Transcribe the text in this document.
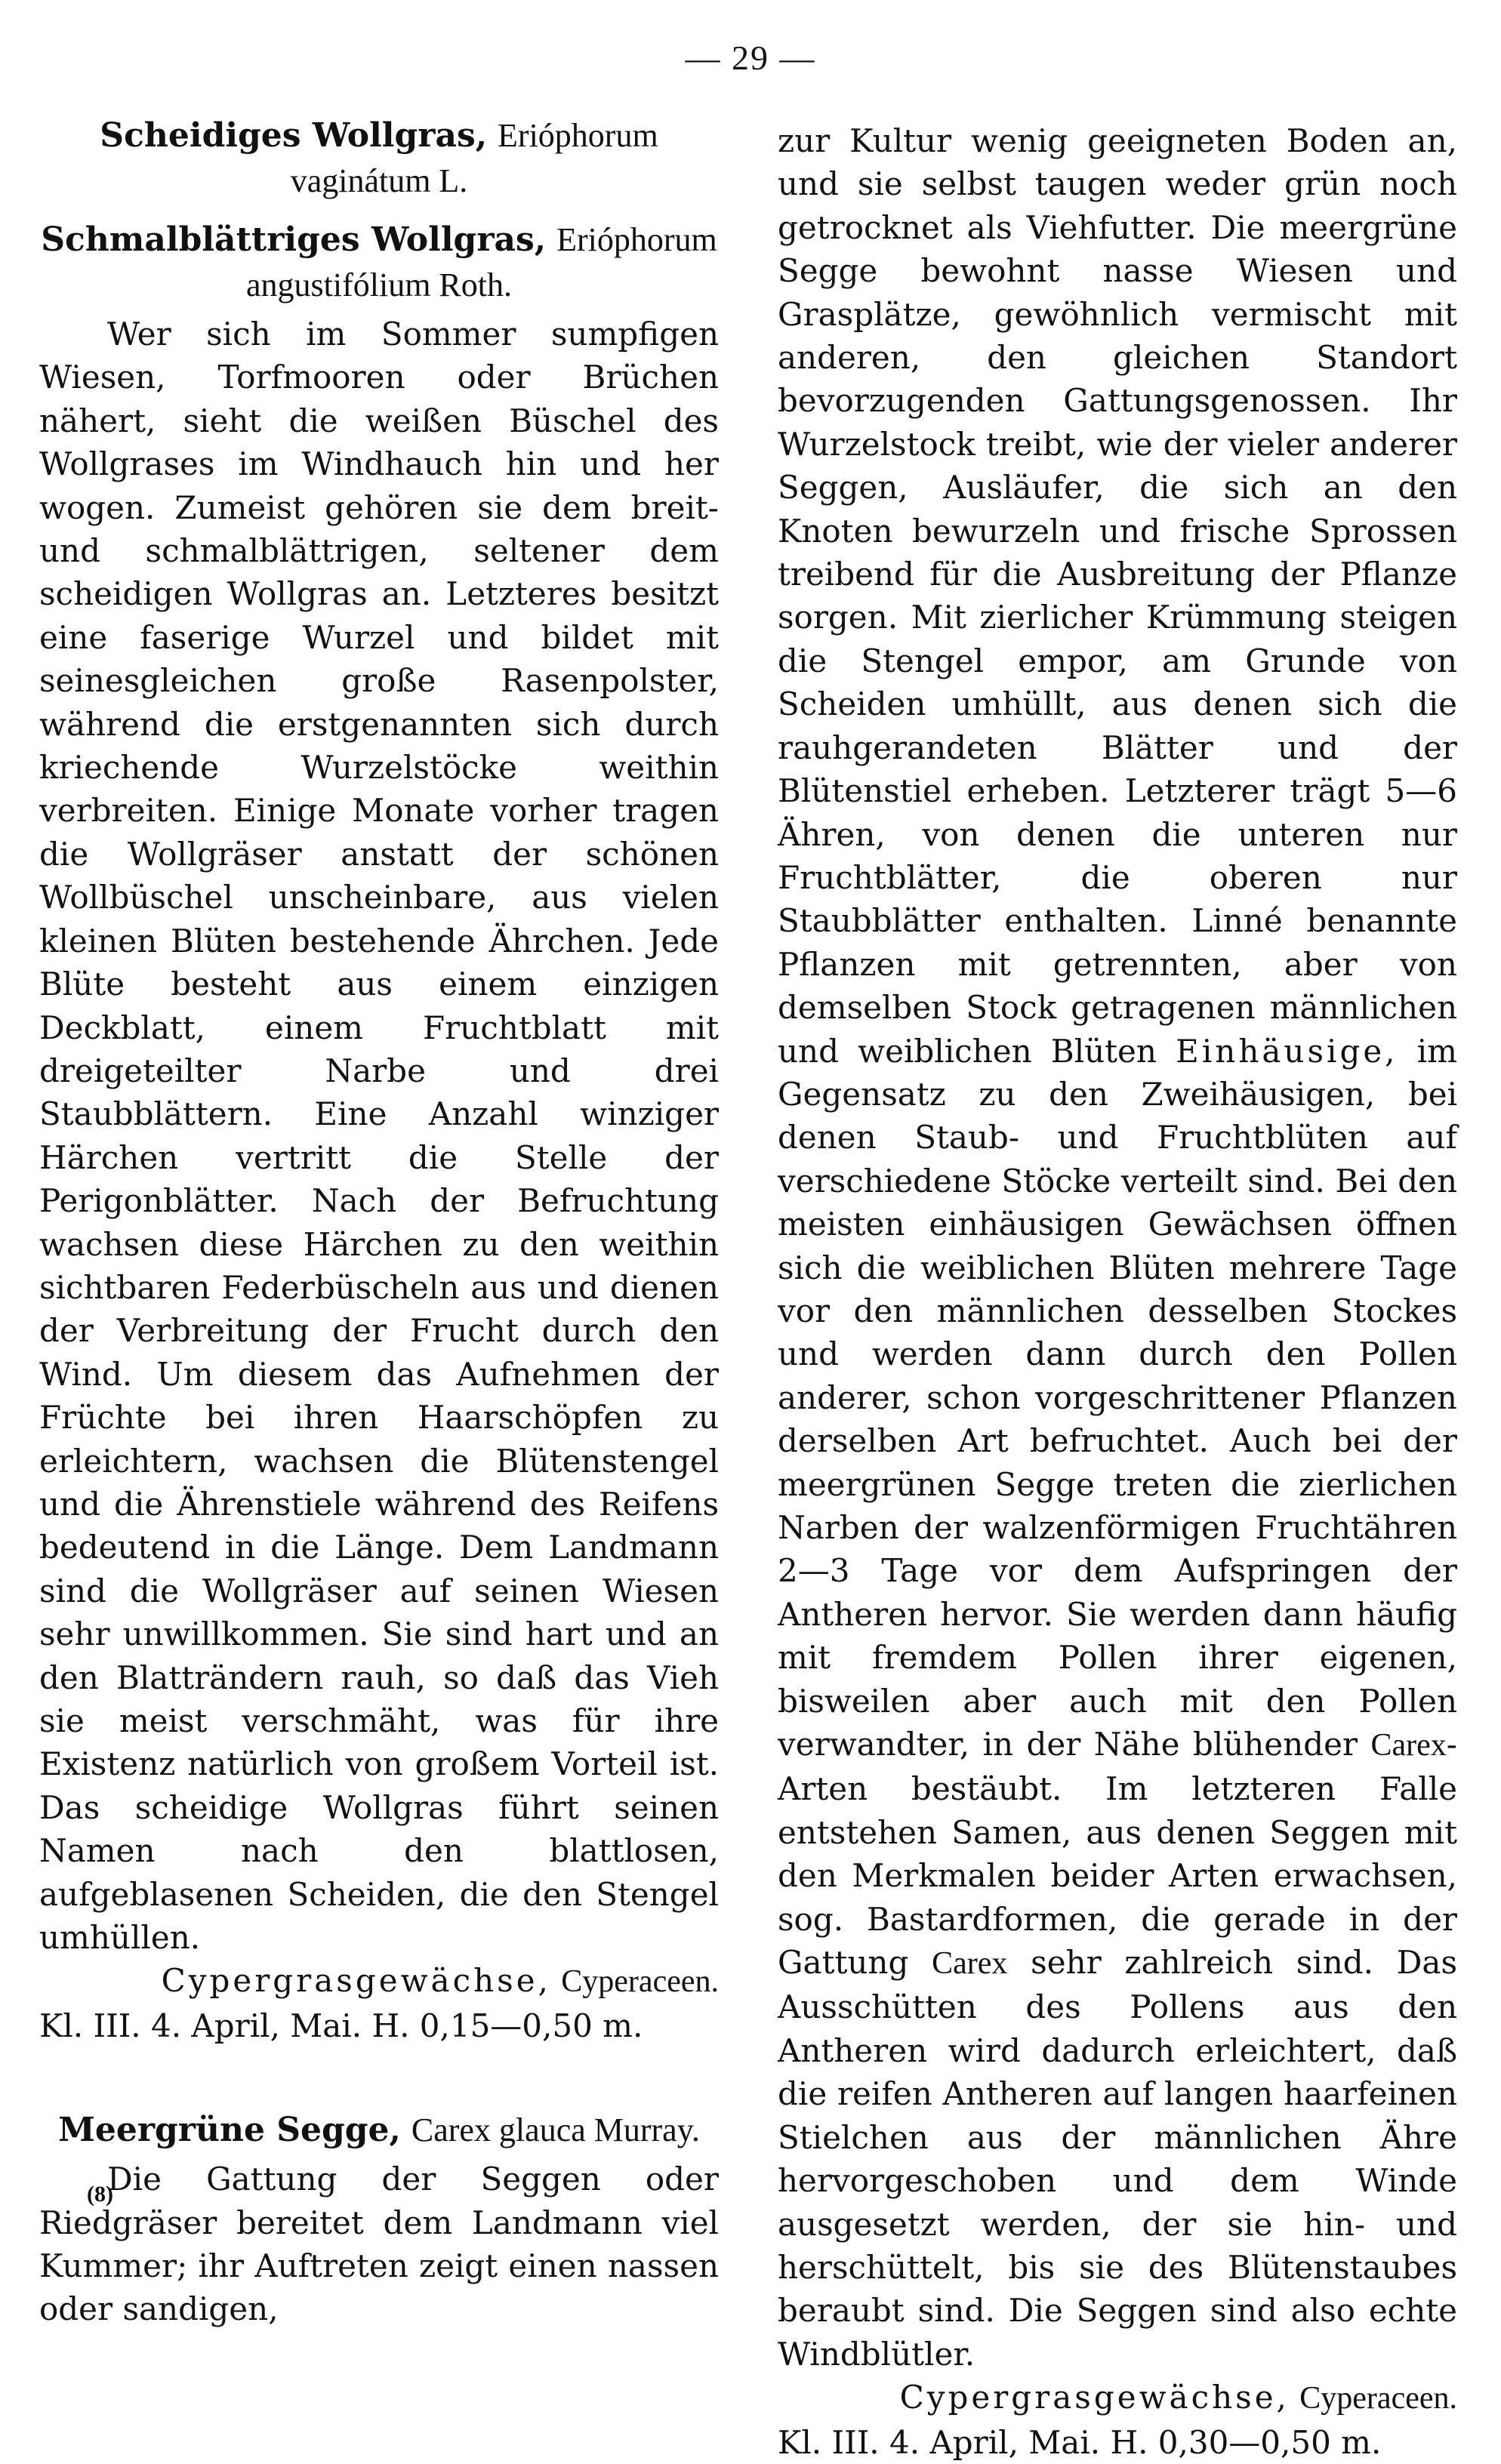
— 29 —
Scheidiges Wollgras, Erióphorum vaginátum L.
Schmalblättriges Wollgras, Erióphorum angustifólium Roth.

Wer sich im Sommer sumpfigen Wiesen, Torfmooren oder Brüchen nähert, sieht die weißen Büschel des Wollgrases im Windhauch hin und her wogen. Zumeist gehören sie dem breit- und schmalblättrigen, seltener dem scheidigen Wollgras an. Letzteres besitzt eine faserige Wurzel und bildet mit seinesgleichen große Rasenpolster, während die erstgenannten sich durch kriechende Wurzelstöcke weithin verbreiten. Einige Monate vorher tragen die Wollgräser anstatt der schönen Wollbüschel unscheinbare, aus vielen kleinen Blüten bestehende Ährchen. Jede Blüte besteht aus einem einzigen Deckblatt, einem Fruchtblatt mit dreigeteilter Narbe und drei Staubblättern. Eine Anzahl winziger Härchen vertritt die Stelle der Perigonblätter. Nach der Befruchtung wachsen diese Härchen zu den weithin sichtbaren Federbüscheln aus und dienen der Verbreitung der Frucht durch den Wind. Um diesem das Aufnehmen der Früchte bei ihren Haarschöpfen zu erleichtern, wachsen die Blütenstengel und die Ährenstiele während des Reifens bedeutend in die Länge. Dem Landmann sind die Wollgräser auf seinen Wiesen sehr unwillkommen. Sie sind hart und an den Blatträndern rauh, so daß das Vieh sie meist verschmäht, was für ihre Existenz natürlich von großem Vorteil ist. Das scheidige Wollgras führt seinen Namen nach den blattlosen, aufgeblasenen Scheiden, die den Stengel umhüllen.

Cypergrasgewächse, Cyperaceen.

Kl. III. 4. April, Mai. H. 0,15—0,50 m.

Meergrüne Segge, Carex glauca Murray.

Die Gattung der Seggen oder Riedgräser bereitet dem Landmann viel Kummer; ihr Auftreten zeigt einen nassen oder sandigen,

zur Kultur wenig geeigneten Boden an, und sie selbst taugen weder grün noch getrocknet als Viehfutter. Die meergrüne Segge bewohnt nasse Wiesen und Grasplätze, gewöhnlich vermischt mit anderen, den gleichen Standort bevorzugenden Gattungsgenossen. Ihr Wurzelstock treibt, wie der vieler anderer Seggen, Ausläufer, die sich an den Knoten bewurzeln und frische Sprossen treibend für die Ausbreitung der Pflanze sorgen. Mit zierlicher Krümmung steigen die Stengel empor, am Grunde von Scheiden umhüllt, aus denen sich die rauhgerandeten Blätter und der Blütenstiel erheben. Letzterer trägt 5—6 Ähren, von denen die unteren nur Fruchtblätter, die oberen nur Staubblätter enthalten. Linné benannte Pflanzen mit getrennten, aber von demselben Stock getragenen männlichen und weiblichen Blüten Einhäusige, im Gegensatz zu den Zweihäusigen, bei denen Staub- und Fruchtblüten auf verschiedene Stöcke verteilt sind. Bei den meisten einhäusigen Gewächsen öffnen sich die weiblichen Blüten mehrere Tage vor den männlichen desselben Stockes und werden dann durch den Pollen anderer, schon vorgeschrittener Pflanzen derselben Art befruchtet. Auch bei der meergrünen Segge treten die zierlichen Narben der walzenförmigen Fruchtähren 2—3 Tage vor dem Aufspringen der Antheren hervor. Sie werden dann häufig mit fremdem Pollen ihrer eigenen, bisweilen aber auch mit den Pollen verwandter, in der Nähe blühender Carex-Arten bestäubt. Im letzteren Falle entstehen Samen, aus denen Seggen mit den Merkmalen beider Arten erwachsen, sog. Bastardformen, die gerade in der Gattung Carex sehr zahlreich sind. Das Ausschütten des Pollens aus den Antheren wird dadurch erleichtert, daß die reifen Antheren auf langen haarfeinen Stielchen aus der männlichen Ähre hervorgeschoben und dem Winde ausgesetzt werden, der sie hin- und herschüttelt, bis sie des Blütenstaubes beraubt sind. Die Seggen sind also echte Windblütler.

Cypergrasgewächse, Cyperaceen.

Kl. III. 4. April, Mai. H. 0,30—0,50 m.

(8)
